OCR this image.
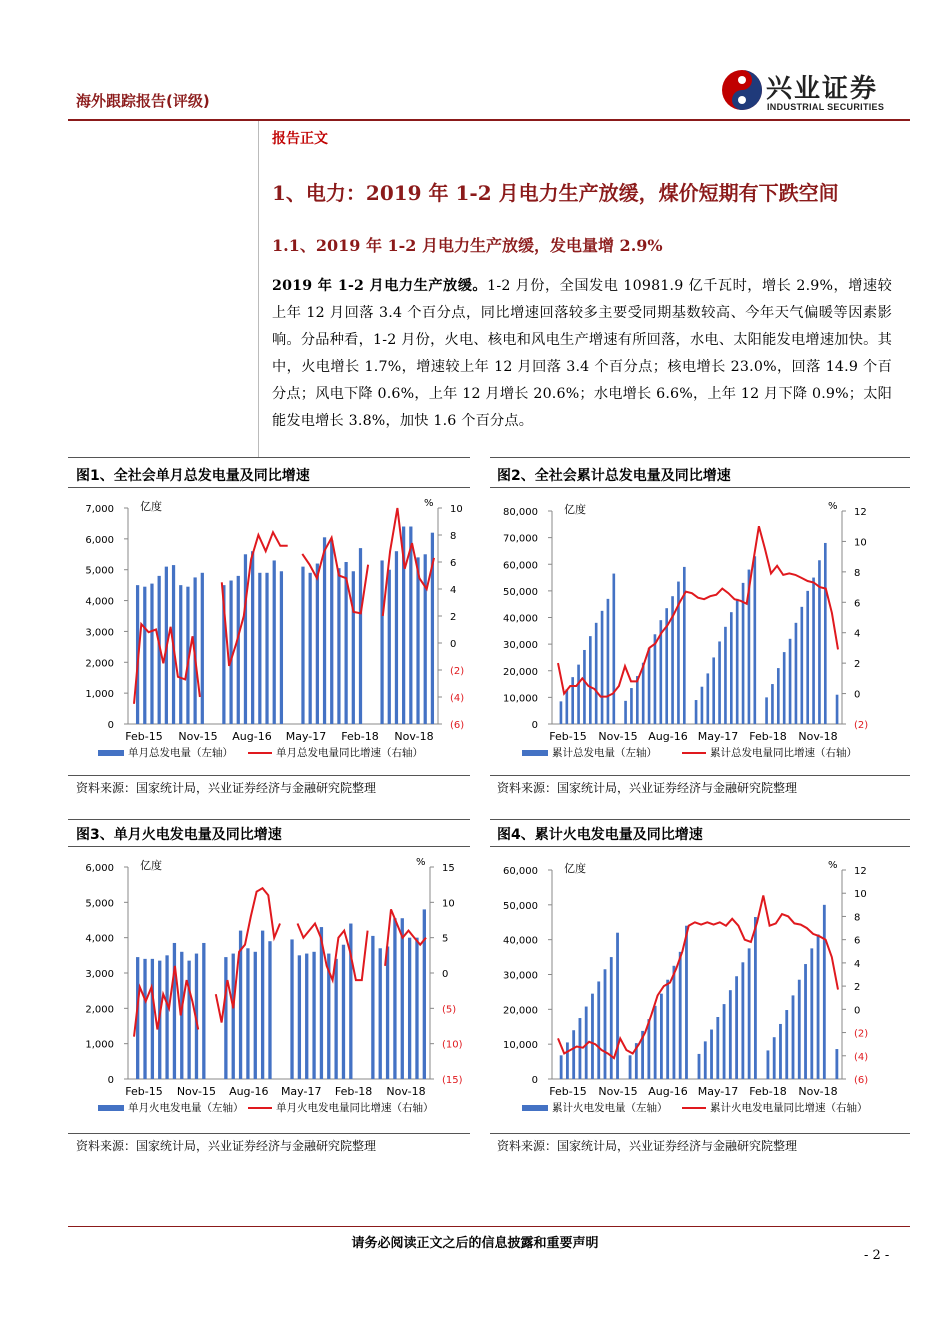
海外跟踪报告(评级)	兴业证券
INDUSTRIAL SECURITIES
报告正文
1、电力：2019 年 1-2 月电力生产放缓，煤价短期有下跌空间
1.1、2019 年 1-2 月电力生产放缓，发电量增 2.9%
2019 年 1-2 月电力生产放缓。1-2 月份，全国发电 10981.9 亿千瓦时，增长 2.9%，增速较上年 12 月回落 3.4 个百分点，同比增速回落较多主要受同期基数较高、今年天气偏暖等因素影响。分品种看，1-2 月份，火电、核电和风电生产增速有所回落，水电、太阳能发电增速加快。其中，火电增长 1.7%，增速较上年 12 月回落 3.4 个百分点；核电增长 23.0%，回落 14.9 个百分点；风电下降 0.6%，上年 12 月增长 20.6%；水电增长 6.6%，上年 12 月下降 0.9%；太阳能发电增长 3.8%，加快 1.6 个百分点。
图1、全社会单月总发电量及同比增速
7,000
6,000
5,000
4,000
3,000
2,000
1,000
0
10
8
6
4
2
0
(2)
(4)
(6)
亿度	%
Feb-15 Nov-15 Aug-16 May-17 Feb-18 Nov-18
单月总发电量（左轴）	单月总发电量同比增速（右轴）
资料来源：国家统计局，兴业证券经济与金融研究院整理
图2、全社会累计总发电量及同比增速
80,000
70,000
60,000
50,000
40,000
30,000
20,000
10,000
0
12
10
8
6
4
2
0
(2)
亿度	%
Feb-15 Nov-15 Aug-16 May-17 Feb-18 Nov-18
累计总发电量（左轴）	累计总发电量同比增速（右轴）
资料来源：国家统计局，兴业证券经济与金融研究院整理
图3、单月火电发电量及同比增速
6,000
5,000
4,000
3,000
2,000
1,000
0
15
10
5
0
(5)
(10)
(15)
亿度	%
Feb-15 Nov-15 Aug-16 May-17 Feb-18 Nov-18
单月火电发电量（左轴）	单月火电发电量同比增速（右轴）
资料来源：国家统计局，兴业证券经济与金融研究院整理
图4、累计火电发电量及同比增速
60,000
50,000
40,000
30,000
20,000
10,000
0
12
10
8
6
4
2
0
(2)
(4)
(6)
亿度	%
Feb-15 Nov-15 Aug-16 May-17 Feb-18 Nov-18
累计火电发电量（左轴）	累计火电发电量同比增速（右轴）
资料来源：国家统计局，兴业证券经济与金融研究院整理
请务必阅读正文之后的信息披露和重要声明
- 2 -
